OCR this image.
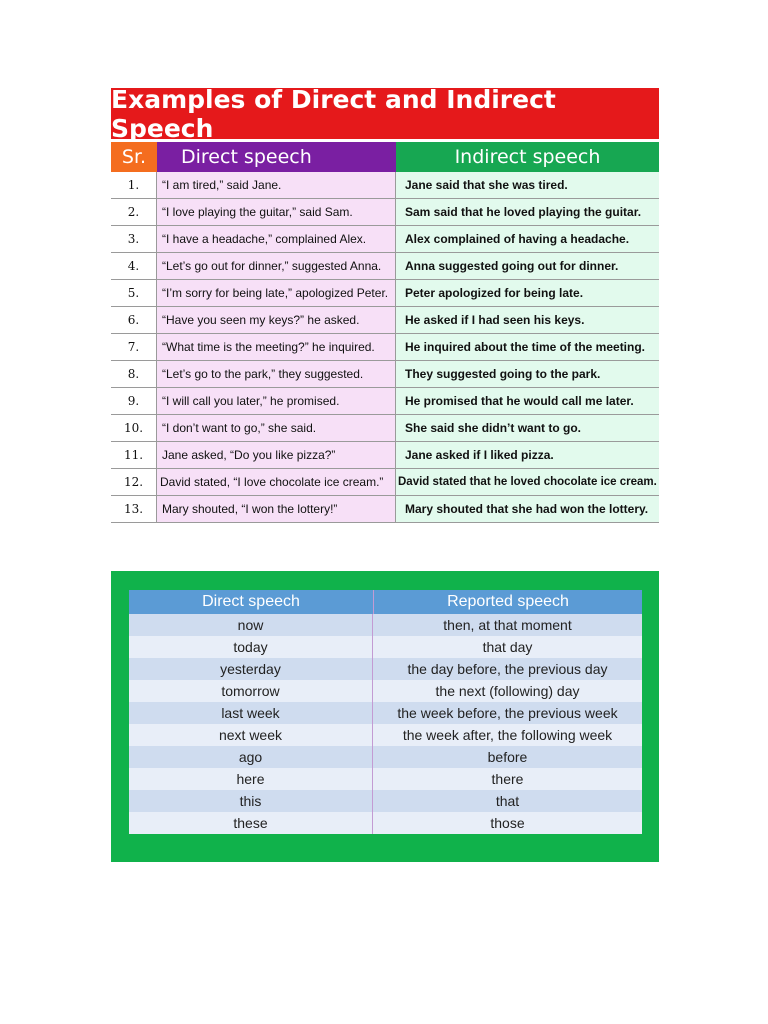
Examples of Direct and Indirect Speech
Sr.	Direct speech	Indirect speech
1.	“I am tired,” said Jane.	Jane said that she was tired.
2.	“I love playing the guitar,” said Sam.	Sam said that he loved playing the guitar.
3.	“I have a headache,” complained Alex.	Alex complained of having a headache.
4.	“Let’s go out for dinner,” suggested Anna.	Anna suggested going out for dinner.
5.	“I’m sorry for being late,” apologized Peter.	Peter apologized for being late.
6.	“Have you seen my keys?” he asked.	He asked if I had seen his keys.
7.	“What time is the meeting?” he inquired.	He inquired about the time of the meeting.
8.	“Let’s go to the park,” they suggested.	They suggested going to the park.
9.	“I will call you later,” he promised.	He promised that he would call me later.
10.	“I don’t want to go,” she said.	She said she didn’t want to go.
11.	Jane asked, “Do you like pizza?”	Jane asked if I liked pizza.
12.	David stated, “I love chocolate ice cream.”	David stated that he loved chocolate ice cream.
13.	Mary shouted, “I won the lottery!”	Mary shouted that she had won the lottery.
Direct speech	Reported speech
now	then, at that moment
today	that day
yesterday	the day before, the previous day
tomorrow	the next (following) day
last week	the week before, the previous week
next week	the week after, the following week
ago	before
here	there
this	that
these	those
